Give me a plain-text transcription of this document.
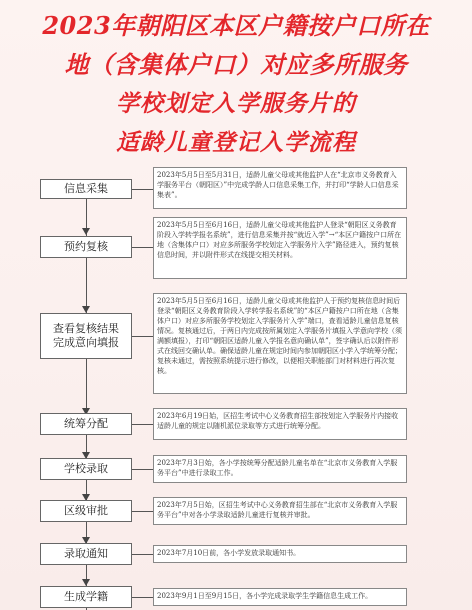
2023年朝阳区本区户籍按户口所在
地（含集体户口）对应多所服务
学校划定入学服务片的
适龄儿童登记入学流程
信息采集
2023年5月5日至5月31日，适龄儿童父母或其他监护人在“北京市义务教育入学服务平台（朝阳区）”中完成学龄人口信息采集工作，并打印“学龄人口信息采集表”。
预约复核
2023年5月5日至6月16日，适龄儿童父母或其他监护人登录“朝阳区义务教育阶段入学转学报名系统”，进行信息采集并按“就近入学”→“本区户籍按户口所在地（含集体户口）对应多所服务学校划定入学服务片入学”路径进入，预约复核信息时间，并以附件形式在线提交相关材料。
查看复核结果
完成意向填报
2023年5月5日至6月16日，适龄儿童父母或其他监护人于预约复核信息时间后登录“朝阳区义务教育阶段入学转学报名系统”的“本区户籍按户口所在地（含集体户口）对应多所服务学校划定入学服务片入学”端口，查看适龄儿童信息复核情况。复核通过后，于两日内完成按所属划定入学服务片填报入学意向学校（须满额填报），打印“朝阳区适龄儿童入学报名意向确认单”，签字确认后以附件形式在线回交确认单。确保适龄儿童在规定时间内参加朝阳区小学入学统筹分配；复核未通过，需按照系统提示进行修改，以便相关职能部门对材料进行再次复核。
统筹分配
2023年6月19日始，区招生考试中心义务教育招生部按划定入学服务片内接收适龄儿童的规定以随机派位录取等方式进行统筹分配。
学校录取	2023年7月3日始，各小学按统筹分配适龄儿童名单在“北京市义务教育入学服务平台”中进行录取工作。
区级审批	2023年7月5日始，区招生考试中心义务教育招生部在“北京市义务教育入学服务平台”中对各小学录取适龄儿童进行复核并审批。
录取通知	2023年7月10日前，各小学发放录取通知书。
生成学籍	2023年9月1日至9月15日，各小学完成录取学生学籍信息生成工作。
